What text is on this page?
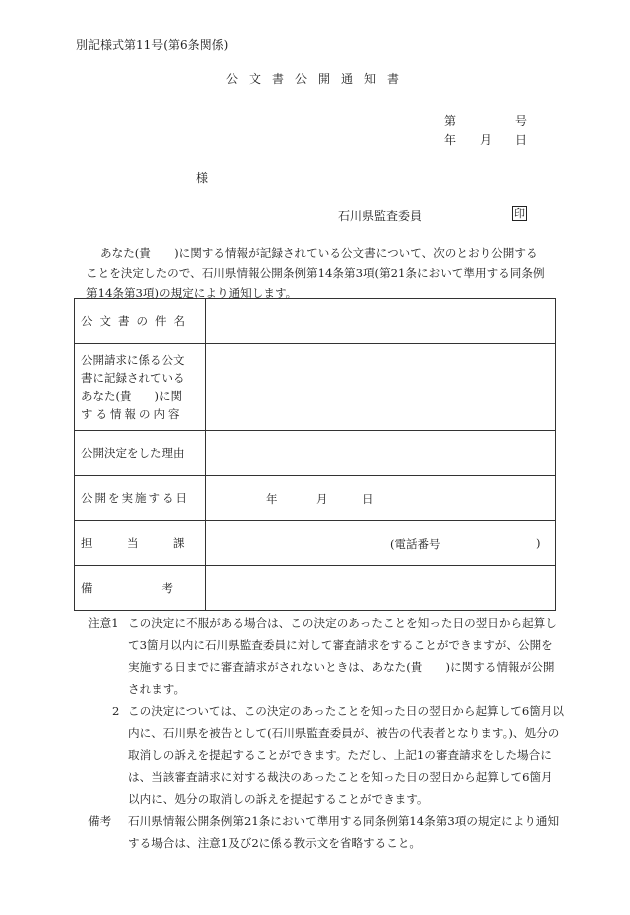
別記様式第11号(第6条関係)
公文書公開通知書
第	号
年 月 日
様
石川県監査委員	印

あなた(貴　　)に関する情報が記録されている公文書について、次のとおり公開する

ことを決定したので、石川県情報公開条例第14条第3項(第21条において準用する同条例

第14条第3項)の規定により通知します。

公文書の件名	

公開請求に係る公文
書に記録されている
あなた(貴　　)に関
する情報の内容	

公開決定をした理由	
公開を実施する日	年 月 日

担　　　当　　　課	(電話番号 )

備　　　　　　考	
注意1 この決定に不服がある場合は、この決定のあったことを知った日の翌日から起算して3箇月以内に石川県監査委員に対して審査請求をすることができますが、公開を実施する日までに審査請求がされないときは、あなた(貴　　)に関する情報が公開されます。
2 この決定については、この決定のあったことを知った日の翌日から起算して6箇月以内に、石川県を被告として(石川県監査委員が、被告の代表者となります。)、処分の取消しの訴えを提起することができます。ただし、上記1の審査請求をした場合には、当該審査請求に対する裁決のあったことを知った日の翌日から起算して6箇月以内に、処分の取消しの訴えを提起することができます。
備考	石川県情報公開条例第21条において準用する同条例第14条第3項の規定により通知する場合は、注意1及び2に係る教示文を省略すること。
